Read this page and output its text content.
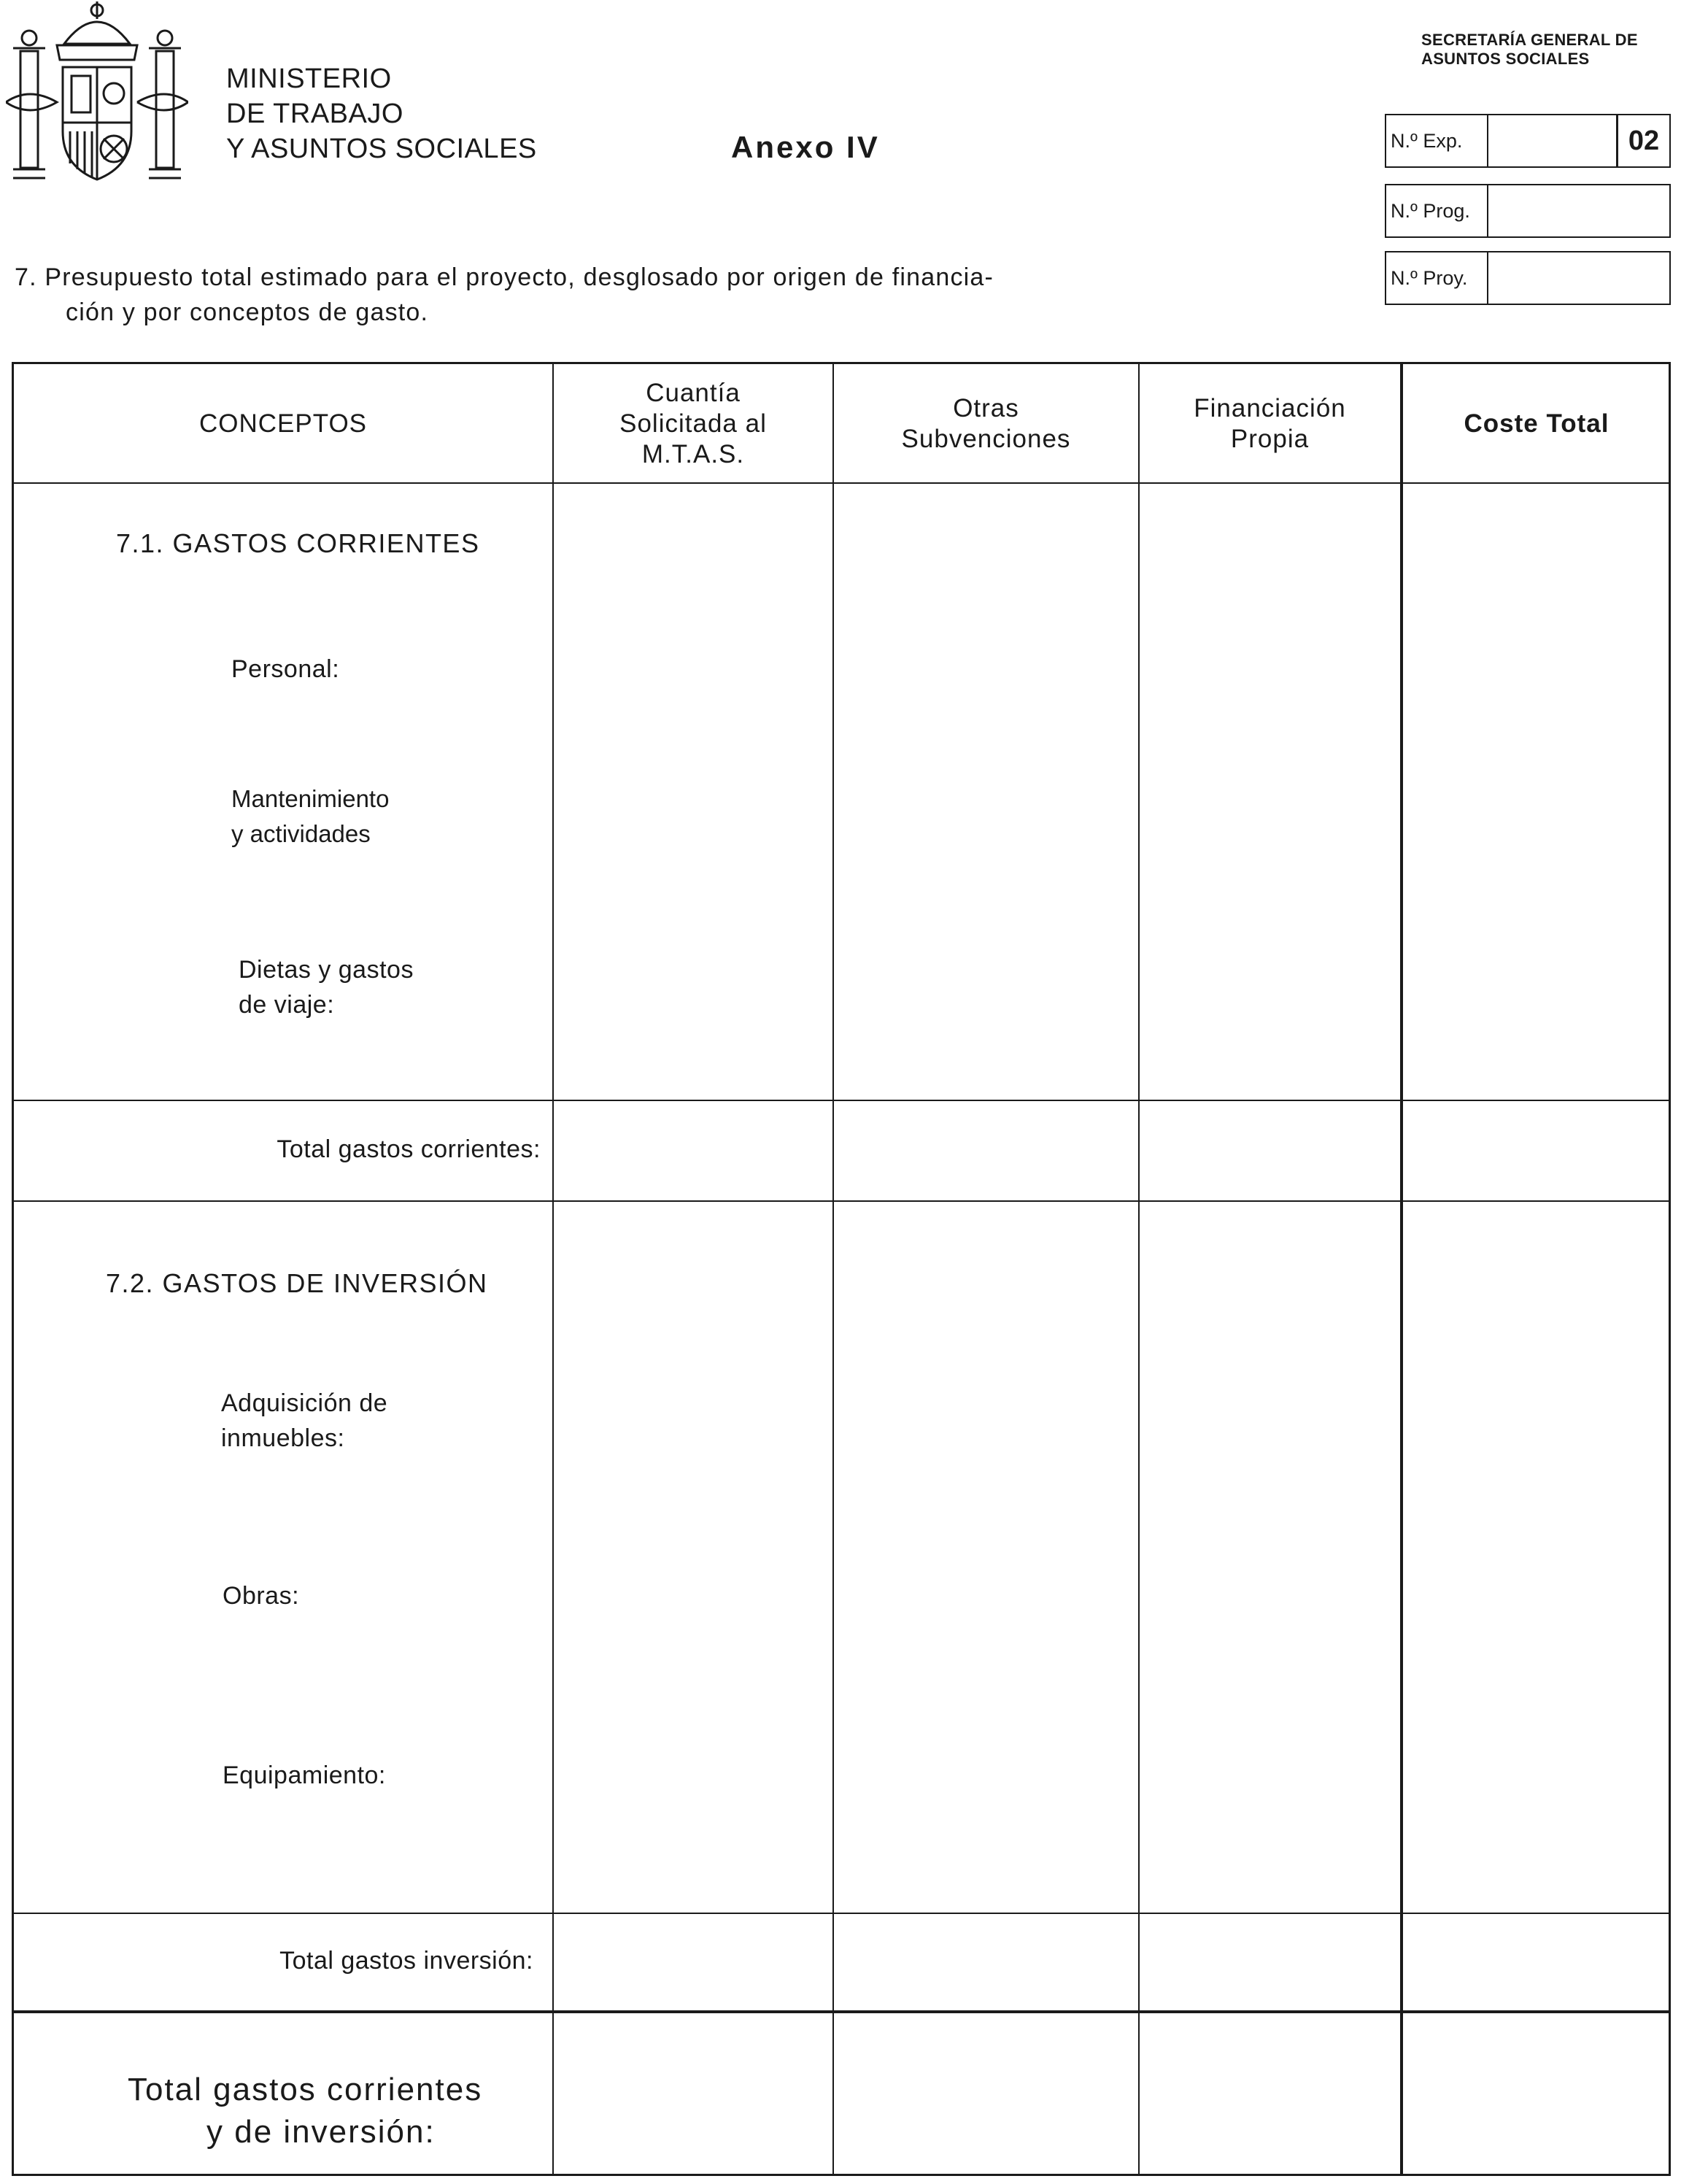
MINISTERIO
DE TRABAJO
Y ASUNTOS SOCIALES	Anexo IV
SECRETARÍA GENERAL DE
ASUNTOS SOCIALES
N.º Exp.	02
N.º Prog.
N.º Proy.
7. Presupuesto total estimado para el proyecto, desglosado por origen de financia-
ción y por conceptos de gasto.
CONCEPTOS
Cuantía
Solicitada al
M.T.A.S.
Otras
Subvenciones
Financiación
Propia
Coste Total
7.1. GASTOS CORRIENTES
Personal:
Mantenimiento
y actividades
Dietas y gastos
de viaje:
Total gastos corrientes:
7.2. GASTOS DE INVERSIÓN
Adquisición de
inmuebles:
Obras:
Equipamiento:
Total gastos inversión:
Total gastos corrientes
y de inversión:
